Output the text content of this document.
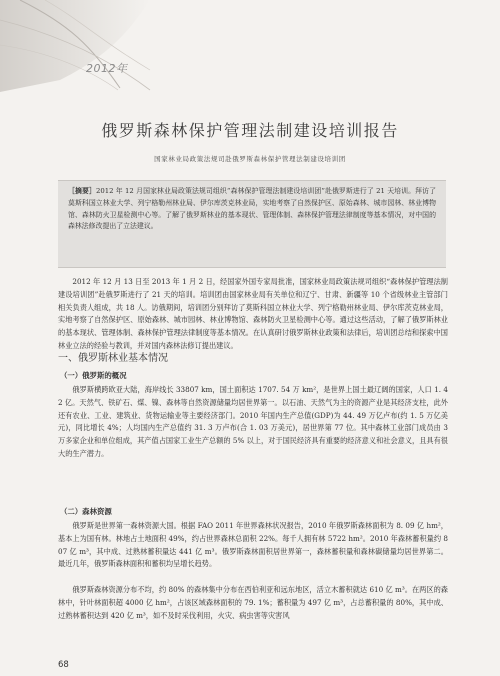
2012年
俄罗斯森林保护管理法制建设培训报告
国家林业局政策法规司赴俄罗斯森林保护管理法制建设培训团
［摘要］2012 年 12 月国家林业局政策法规司组织“森林保护管理法制建设培训团”赴俄罗斯进行了 21 天培训。拜访了莫斯科国立林业大学、列宁格勒州林业局、伊尔库茨克林业局，实地考察了自然保护区、原始森林、城市园林、林业博物馆、森林防火卫星检测中心等。了解了俄罗斯林业的基本现状、管理体制、森林保护管理法律制度等基本情况，对中国的森林法修改提出了立法建议。

2012 年 12 月 13 日至 2013 年 1 月 2 日，经国家外国专家局批准，国家林业局政策法规司组织“森林保护管理法制建设培训团”赴俄罗斯进行了 21 天的培训。培训团由国家林业局有关单位和辽宁、甘肃、新疆等 10 个省级林业主管部门相关负责人组成，共 18 人。访俄期间，培训团分别拜访了莫斯科国立林业大学、列宁格勒州林业局、伊尔库茨克林业局，实地考察了自然保护区、原始森林、城市园林、林业博物馆、森林防火卫星检测中心等。通过这些活动，了解了俄罗斯林业的基本现状、管理体制、森林保护管理法律制度等基本情况。在认真研讨俄罗斯林业政策和法律后，培训团总结和探索中国林业立法的经验与教训，并对国内森林法修订提出建议。

一、俄罗斯林业基本情况
（一）俄罗斯的概况

俄罗斯横跨欧亚大陆，海岸线长 33807 km，国土面积达 1707. 54 万 km²，是世界上国土最辽阔的国家，人口 1. 42 亿。天然气、铁矿石、煤、镍、森林等自然资源储量均居世界第一。以石油、天然气为主的资源产业是其经济支柱，此外还有农业、工业、建筑业、货物运输业等主要经济部门。2010 年国内生产总值(GDP)为 44. 49 万亿卢布(约 1. 5 万亿美元)，同比增长 4%；人均国内生产总值约 31. 3 万卢布(合 1. 03 万美元)，居世界第 77 位。其中森林工业部门成员由 3 万多家企业和单位组成，其产值占国家工业生产总额的 5% 以上，对于国民经济具有重要的经济意义和社会意义，且具有很大的生产潜力。

（二）森林资源

俄罗斯是世界第一森林资源大国。根据 FAO 2011 年世界森林状况报告，2010 年俄罗斯森林面积为 8. 09 亿 hm²，基本上为国有林。林地占土地面积 49%，约占世界森林总面积 22%。每千人拥有林 5722 hm²。2010 年森林蓄积量约 807 亿 m³，其中成、过熟林蓄积量达 441 亿 m³。俄罗斯森林面积居世界第一，森林蓄积量和森林碳储量均居世界第二。最近几年，俄罗斯森林面积和蓄积均呈增长趋势。

俄罗斯森林资源分布不均，约 80% 的森林集中分布在西伯利亚和远东地区，活立木蓄积就达 610 亿 m³。在两区的森林中，针叶林面积超 4000 亿 hm²，占该区域森林面积的 79. 1%；蓄积量为 497 亿 m³，占总蓄积量的 80%，其中成、过熟林蓄积达到 420 亿 m³，如不及时采伐利用，火灾、病虫害等灾害风

68
